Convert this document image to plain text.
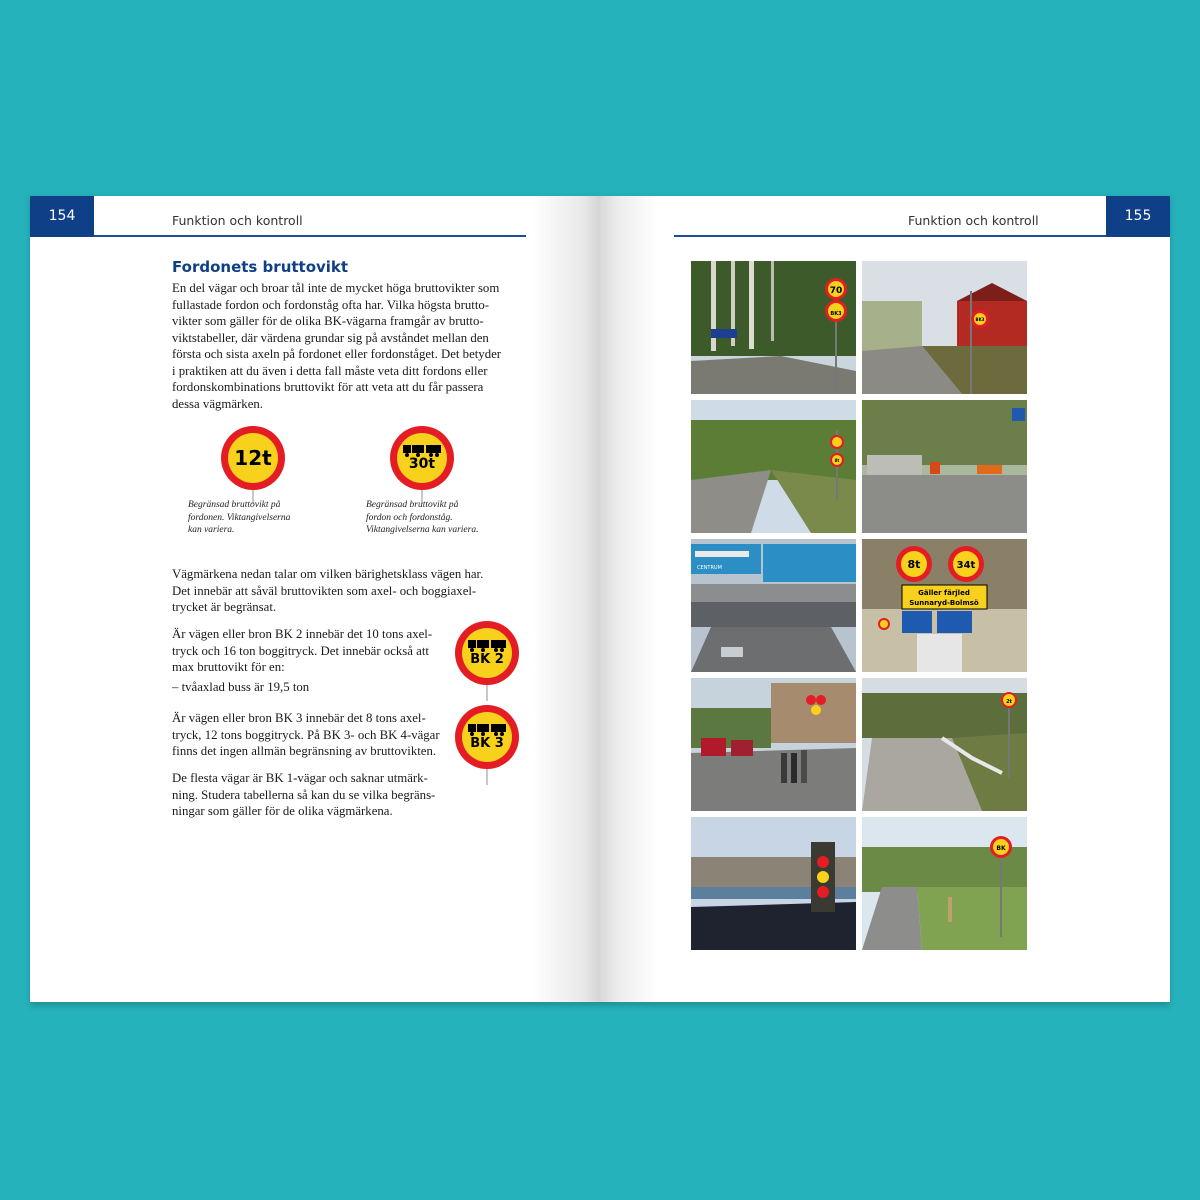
154	Funktion och kontroll
Fordonets bruttovikt
En del vägar och broar tål inte de mycket höga bruttovikter som
fullastade fordon och fordonståg ofta har. Vilka högsta brutto-
vikter som gäller för de olika BK-vägarna framgår av brutto-
viktstabeller, där värdena grundar sig på avståndet mellan den
första och sista axeln på fordonet eller fordonståget. Det betyder
i praktiken att du även i detta fall måste veta ditt fordons eller
fordonskombinations bruttovikt för att veta att du får passera
dessa vägmärken.
12t
Begränsad bruttovikt på
fordonen. Viktangivelserna
kan variera.
30t
Begränsad bruttovikt på
fordon och fordonståg.
Viktangivelserna kan variera.
Vägmärkena nedan talar om vilken bärighetsklass vägen har.
Det innebär att såväl bruttovikten som axel- och boggiaxel-
trycket är begränsat.
Är vägen eller bron BK 2 innebär det 10 tons axel-
tryck och 16 ton boggitryck. Det innebär också att
max bruttovikt för en:
– tvåaxlad buss är 19,5 ton
BK 2
Är vägen eller bron BK 3 innebär det 8 tons axel-
tryck, 12 tons boggitryck. På BK 3- och BK 4-vägar
finns det ingen allmän begränsning av bruttovikten.
BK 3
De flesta vägar är BK 1-vägar och saknar utmärk-
ning. Studera tabellerna så kan du se vilka begräns-
ningar som gäller för de olika vägmärkena.
155
Funktion och kontroll
70
BK3
BK3
8t
CENTRUM	8t	34t
Gäller färjled
Sunnaryd-Bolmsö
2t
BK
